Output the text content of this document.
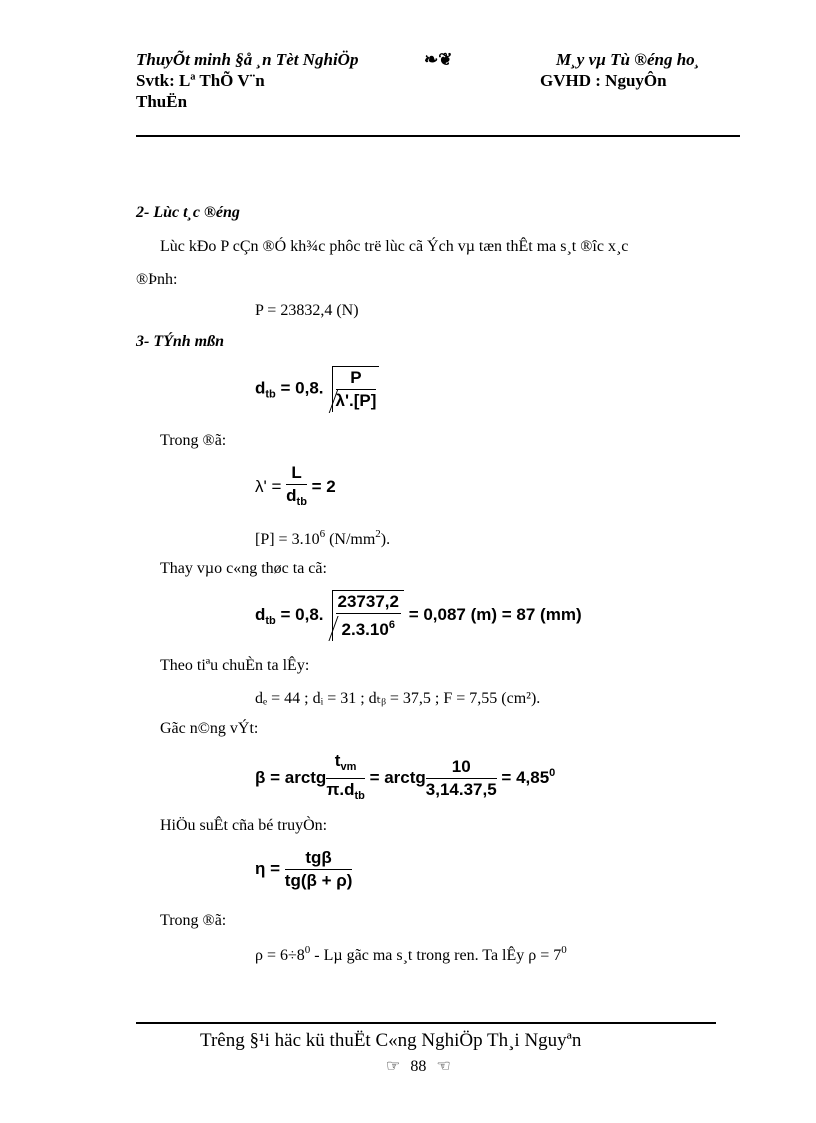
ThuyÕt minh §å ¸n Tèt NghiÖp	❧❦	M¸y vµ Tù ®éng ho¸
Svtk: Lª ThÕ V¨n	GVHD : NguyÔn
ThuËn
2- Lùc t¸c ®éng
Lùc kÐo P cÇn ®Ó kh¾c phôc trë lùc cã Ých vµ tæn thÊt ma s¸t ®îc x¸c
®Þnh:
P = 23832,4 (N)
3- TÝnh mßn
$d_{tb} = 0,8$. $\frac{P}{\lambda'.[P]}$
Trong ®ã:
$\lambda' = \frac{L}{d_{tb}} = 2$
$[P] = 3.10^6$ $(N/mm^2)$.
Thay vµo c«ng thøc ta cã:
$d_{tb} = 0,8$. $\frac{23737,2}{2.3.10^6} = 0,087$ (m) = 87 (mm)
Theo tiªu chuÈn ta lÊy:
dₑ = 44 ; dᵢ = 31 ; dₜᵦ = 37,5 ; F = 7,55 (cm²).
Gãc n©ng vÝt:
β = arctg $\frac{t_{vm}}{\pi.d_{tb}}$ = arctg $\frac{10}{3,14.37,5} = 4,85^0$
HiÖu suÊt cña bé truyÒn:
$\eta = \frac{\text{tgβ}}{tg(\beta + \rho)}$
Trong ®ã:
$\rho = 6\div 8^0 - L\mu$ gãc ma s¸t trong ren. Ta lÊy $\rho = 7^0$
Trêng §¹i häc kü thuËt C«ng NghiÖp Th¸i Nguyªn
☞ 88 ☜
